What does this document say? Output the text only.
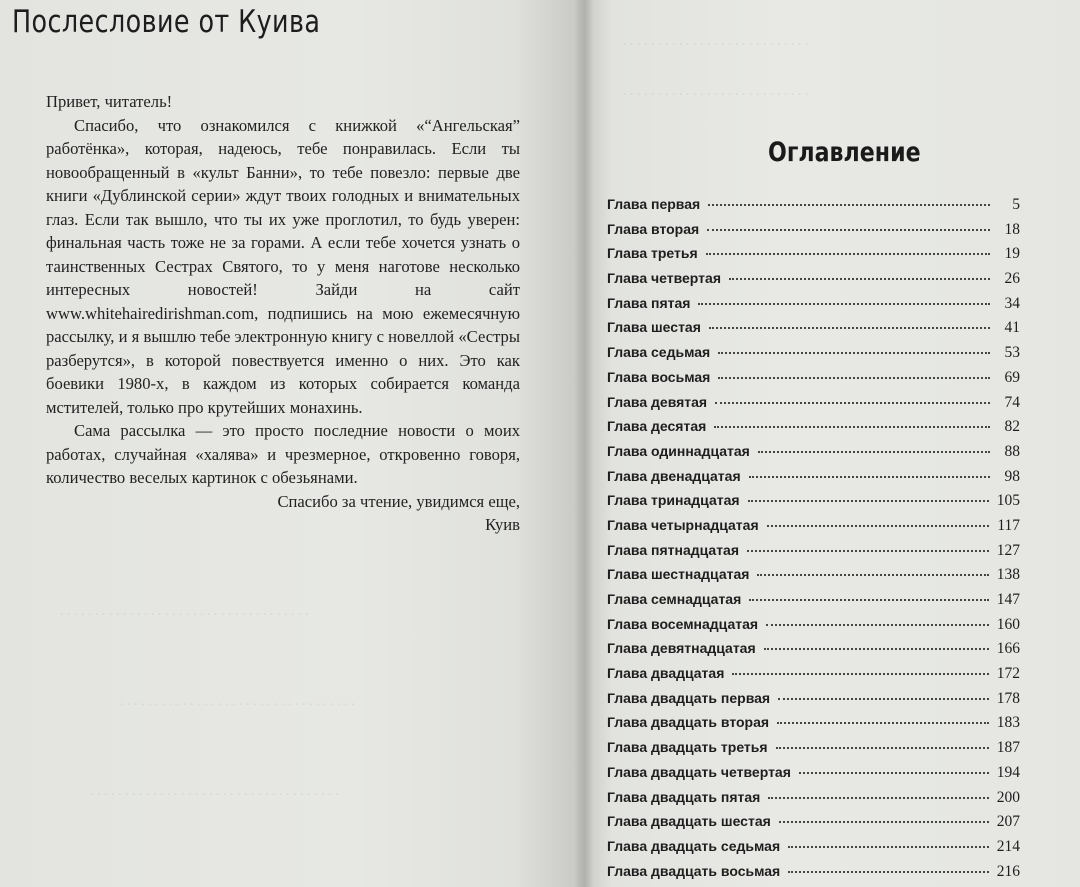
. . . . . . . . . . . . . . . . . . . . . . . . . . . . . . . . . . . .
. . . . . . . . . . . . . . . . . . . . . . . . . . . . . . . . . .
. . . . . . . . . . . . . . . . . . . . . . . . . . . . . . . . . . . .
Послесловие от Куива

Привет, читатель!

Спасибо, что ознакомился с книжкой «“Ангельская” работёнка», которая, надеюсь, тебе понравилась. Если ты новообращенный в «культ Банни», то тебе повезло: первые две книги «Дублинской серии» ждут твоих голодных и внимательных глаз. Если так вышло, что ты их уже проглотил, то будь уверен: финальная часть тоже не за горами. А если тебе хочется узнать о таинственных Сестрах Святого, то у меня наготове несколько интересных новостей! Зайди на сайт www.whitehairedirishman.com, подпишись на мою ежемесячную рассылку, и я вышлю тебе электронную книгу с новеллой «Сестры разберутся», в которой повествуется именно о них. Это как боевики 1980-х, в каждом из которых собирается команда мстителей, только про крутейших монахинь.

Сама рассылка — это просто последние новости о моих работах, случайная «халява» и чрезмерное, откровенно говоря, количество веселых картинок с обезьянами.

Спасибо за чтение, увидимся еще,

Куив

. . . . . . . . . . . . . . . . . . . . . . . . . . .
. . . . . . . . . . . . . . . . . . . . . . . . . . .
Оглавление
Глава первая	5
Глава вторая	18
Глава третья	19
Глава четвертая	26
Глава пятая	34
Глава шестая	41
Глава седьмая	53
Глава восьмая	69
Глава девятая	74
Глава десятая	82
Глава одиннадцатая	88
Глава двенадцатая	98
Глава тринадцатая	105
Глава четырнадцатая	117
Глава пятнадцатая	127
Глава шестнадцатая	138
Глава семнадцатая	147
Глава восемнадцатая	160
Глава девятнадцатая	166
Глава двадцатая	172
Глава двадцать первая	178
Глава двадцать вторая	183
Глава двадцать третья	187
Глава двадцать четвертая	194
Глава двадцать пятая	200
Глава двадцать шестая	207
Глава двадцать седьмая	214
Глава двадцать восьмая	216
